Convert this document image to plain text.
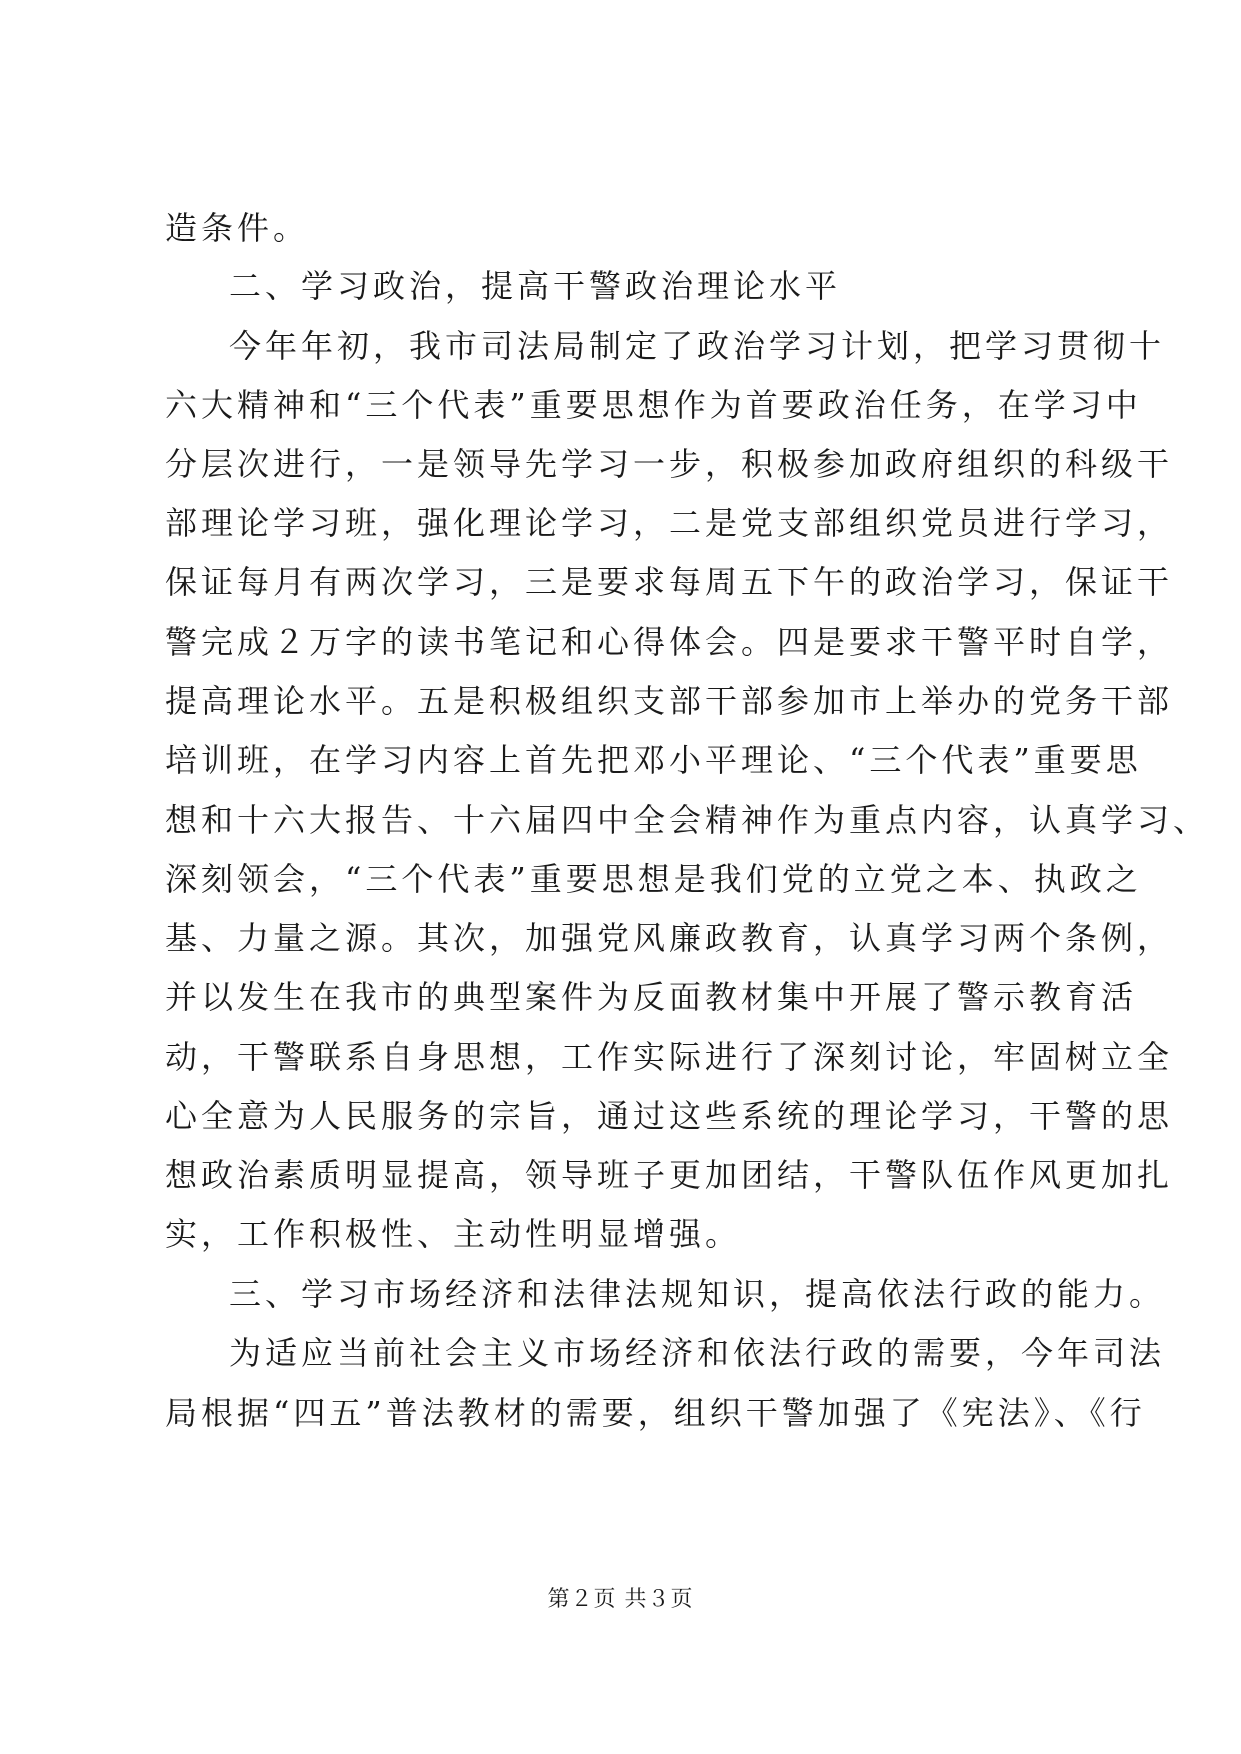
造条件。
二、学习政治，提高干警政治理论水平
今年年初，我市司法局制定了政治学习计划，把学习贯彻十
六大精神和“三个代表”重要思想作为首要政治任务，在学习中
分层次进行，一是领导先学习一步，积极参加政府组织的科级干
部理论学习班，强化理论学习，二是党支部组织党员进行学习，
保证每月有两次学习，三是要求每周五下午的政治学习，保证干
警完成２万字的读书笔记和心得体会。四是要求干警平时自学，
提高理论水平。五是积极组织支部干部参加市上举办的党务干部
培训班，在学习内容上首先把邓小平理论、“三个代表”重要思
想和十六大报告、十六届四中全会精神作为重点内容，认真学习、
深刻领会，“三个代表”重要思想是我们党的立党之本、执政之
基、力量之源。其次，加强党风廉政教育，认真学习两个条例，
并以发生在我市的典型案件为反面教材集中开展了警示教育活
动，干警联系自身思想，工作实际进行了深刻讨论，牢固树立全
心全意为人民服务的宗旨，通过这些系统的理论学习，干警的思
想政治素质明显提高，领导班子更加团结，干警队伍作风更加扎
实，工作积极性、主动性明显增强。
三、学习市场经济和法律法规知识，提高依法行政的能力。
为适应当前社会主义市场经济和依法行政的需要，今年司法
局根据“四五”普法教材的需要，组织干警加强了《宪法》、《行
第２页 共３页
